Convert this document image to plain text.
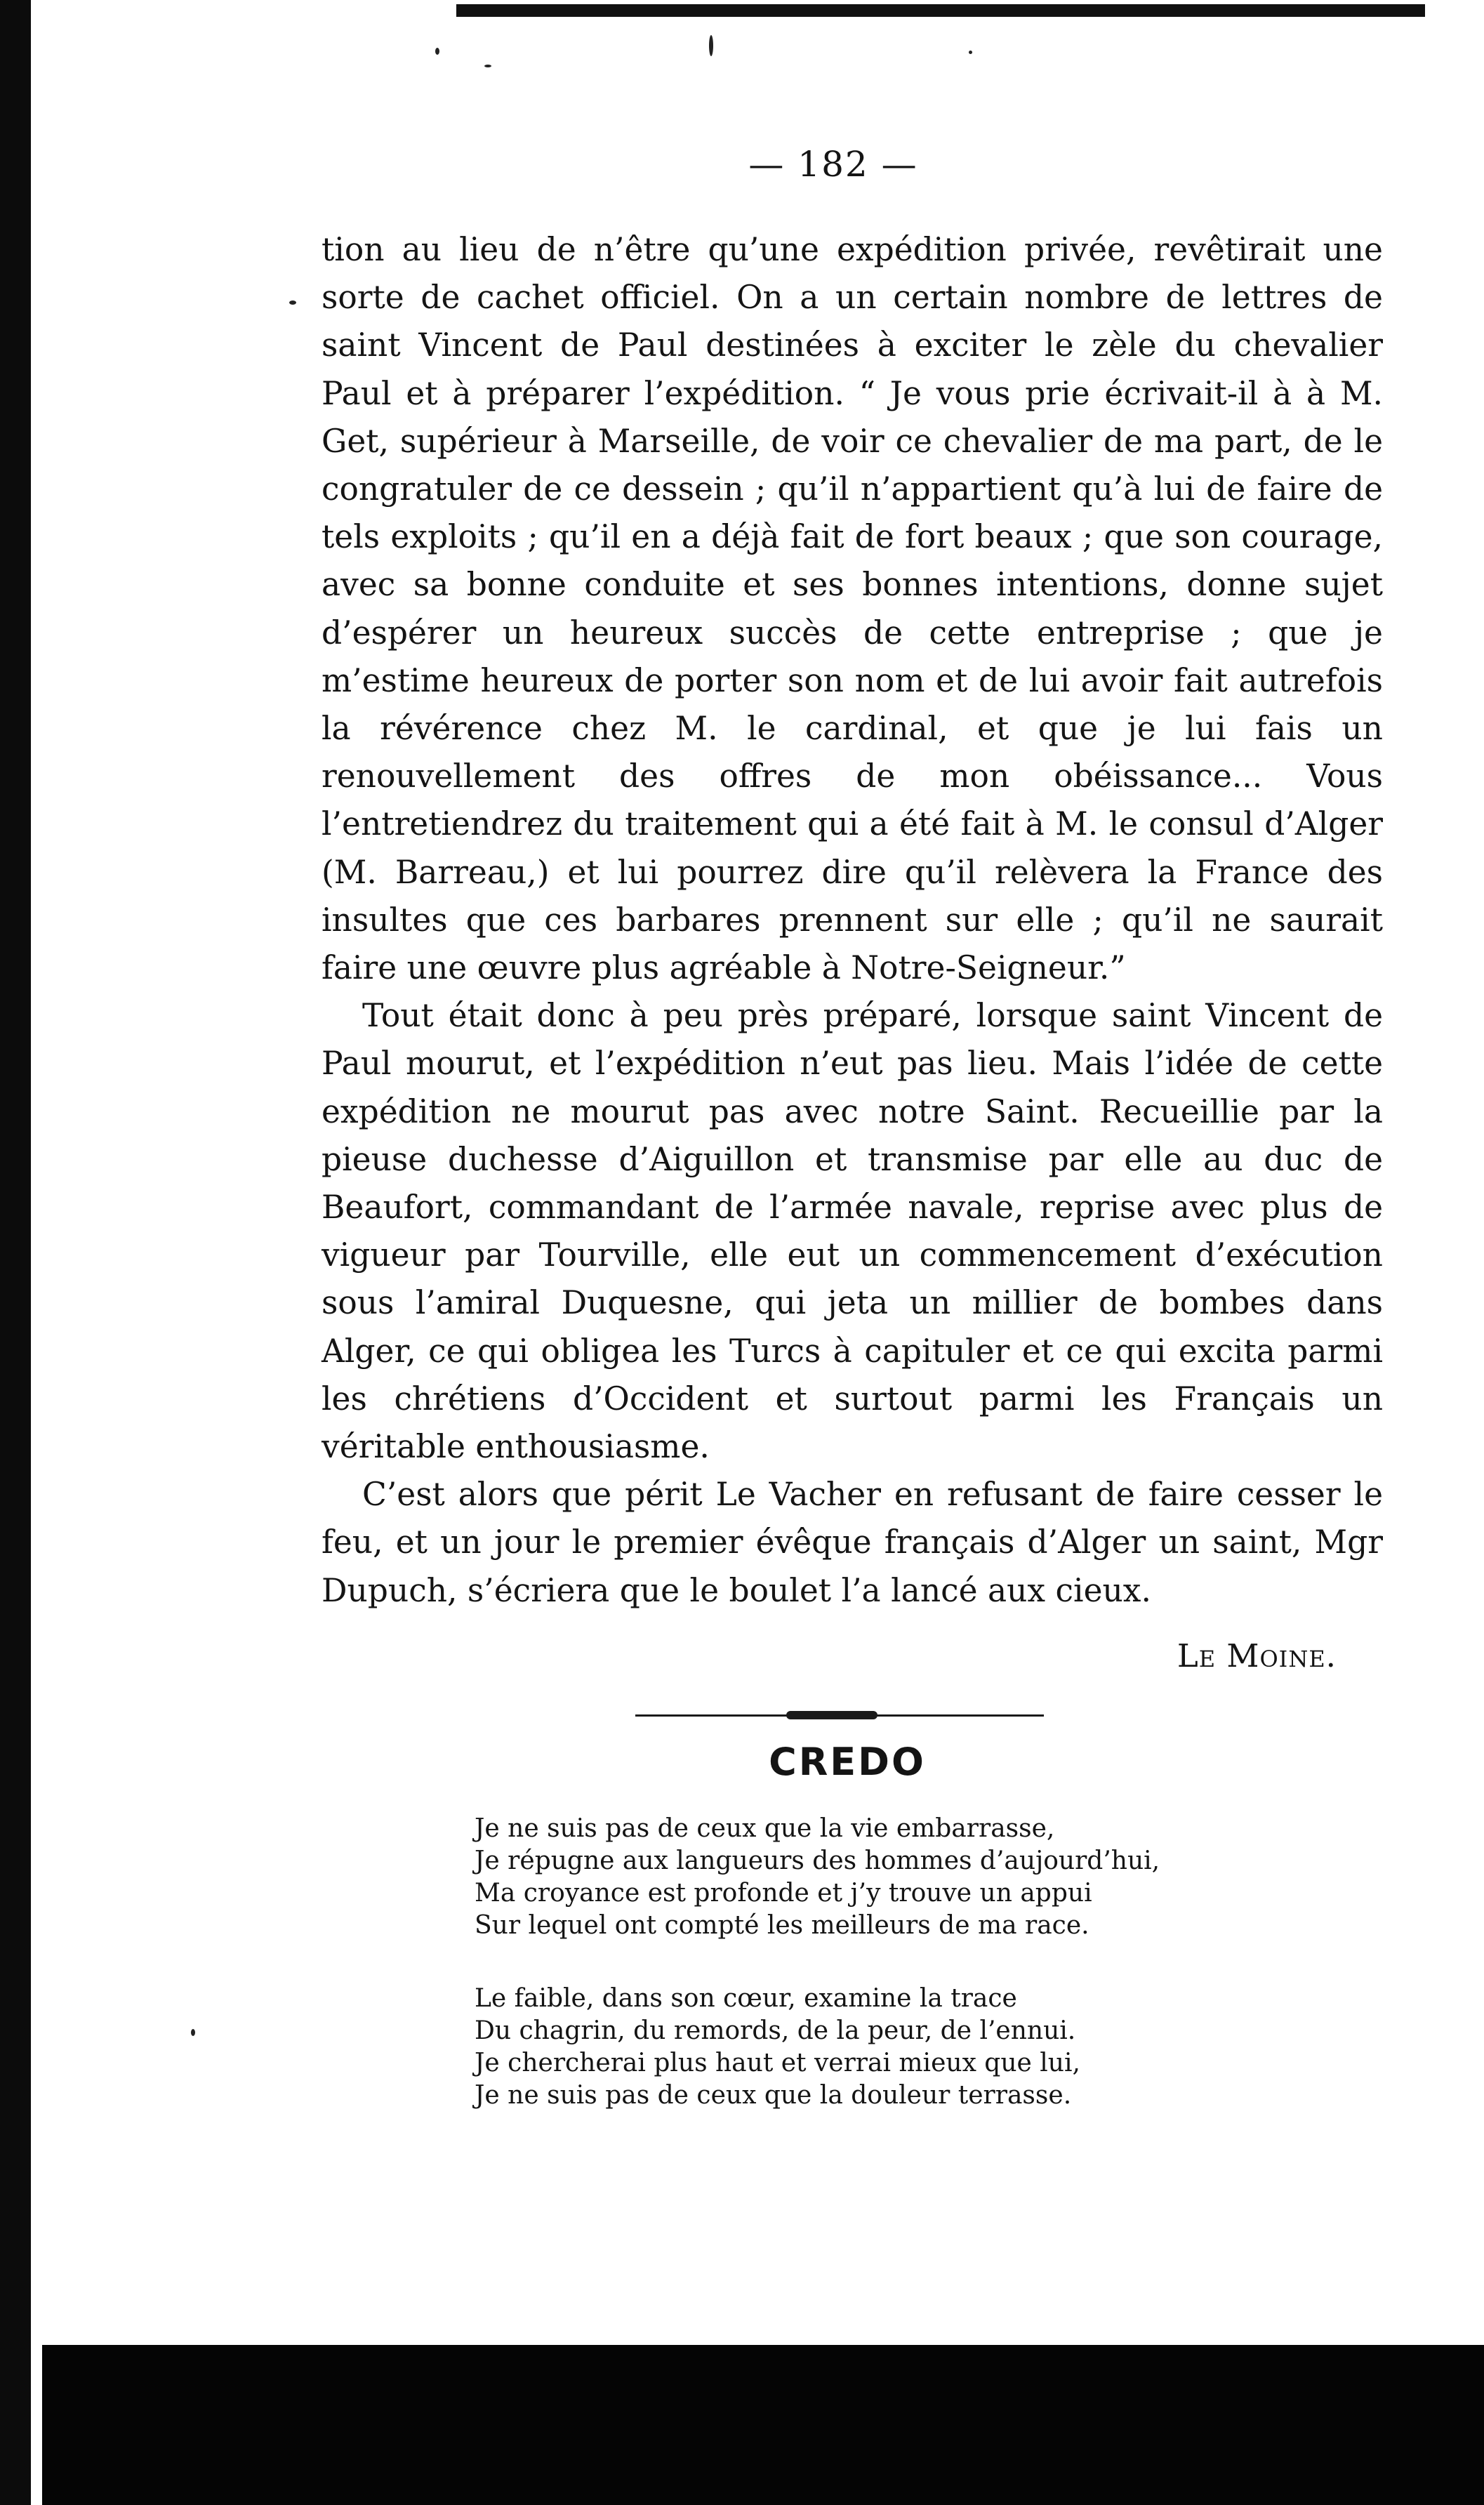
— 182 —

tion au lieu de n’être qu’une expédition privée, revêtirait une sorte de cachet officiel. On a un certain nombre de lettres de saint Vincent de Paul destinées à exciter le zèle du chevalier Paul et à préparer l’expédition. “ Je vous prie écrivait-il à à M. Get, supérieur à Marseille, de voir ce chevalier de ma part, de le congratuler de ce dessein ; qu’il n’appartient qu’à lui de faire de tels exploits ; qu’il en a déjà fait de fort beaux ; que son courage, avec sa bonne conduite et ses bonnes intentions, donne sujet d’espérer un heureux succès de cette entreprise ; que je m’estime heureux de porter son nom et de lui avoir fait autrefois la révérence chez M. le cardinal, et que je lui fais un renouvellement des offres de mon obéissance... Vous l’entretiendrez du traitement qui a été fait à M. le consul d’Alger (M. Barreau,) et lui pourrez dire qu’il relèvera la France des insultes que ces barbares prennent sur elle ; qu’il ne saurait faire une œuvre plus agréable à Notre-Seigneur.”

Tout était donc à peu près préparé, lorsque saint Vincent de Paul mourut, et l’expédition n’eut pas lieu. Mais l’idée de cette expédition ne mourut pas avec notre Saint. Recueillie par la pieuse duchesse d’Aiguillon et transmise par elle au duc de Beaufort, commandant de l’armée navale, reprise avec plus de vigueur par Tourville, elle eut un commencement d’exécution sous l’amiral Duquesne, qui jeta un millier de bombes dans Alger, ce qui obligea les Turcs à capituler et ce qui excita parmi les chrétiens d’Occident et surtout parmi les Français un véritable enthousiasme.

C’est alors que périt Le Vacher en refusant de faire cesser le feu, et un jour le premier évêque français d’Alger un saint, Mgr Dupuch, s’écriera que le boulet l’a lancé aux cieux.

Le Moine.
CREDO
Je ne suis pas de ceux que la vie embarrasse,
Je répugne aux langueurs des hommes d’aujourd’hui,
Ma croyance est profonde et j’y trouve un appui
Sur lequel ont compté les meilleurs de ma race.
Le faible, dans son cœur, examine la trace
Du chagrin, du remords, de la peur, de l’ennui.
Je chercherai plus haut et verrai mieux que lui,
Je ne suis pas de ceux que la douleur terrasse.
